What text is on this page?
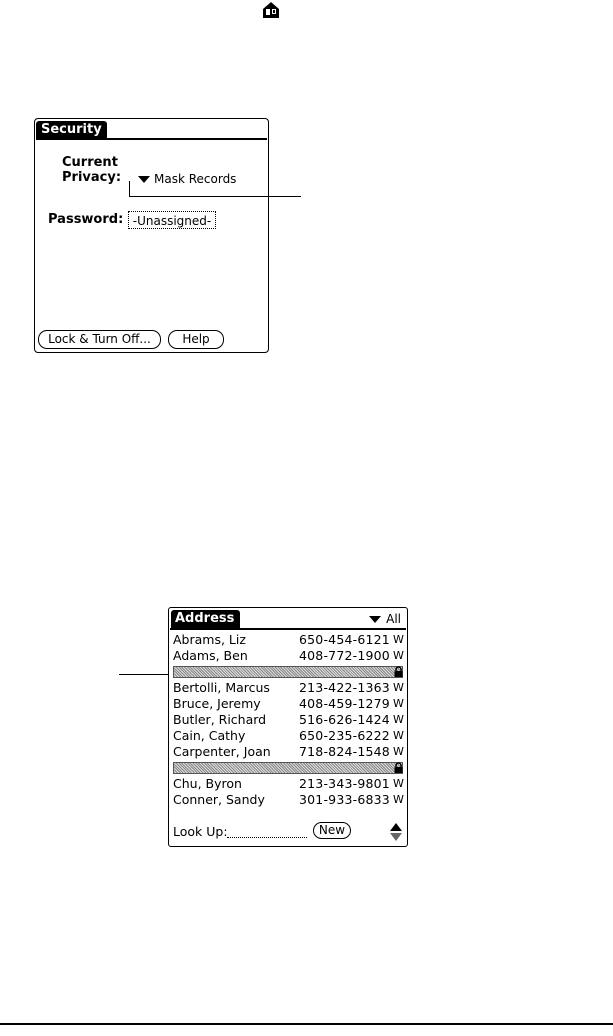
Security
Current
Privacy:	Mask Records
Password: -Unassigned-
Lock & Turn Off...	Help
Address	All
Abrams, Liz	650-454-6121 W
Adams, Ben	408-772-1900 W
Bertolli, Marcus 213-422-1363 W
Bruce, Jeremy	408-459-1279 W
Butler, Richard	516-626-1424 W
Cain, Cathy	650-235-6222 W
Carpenter, Joan 718-824-1548 W
Chu, Byron	213-343-9801 W
Conner, Sandy	301-933-6833 W
Look Up:	New
